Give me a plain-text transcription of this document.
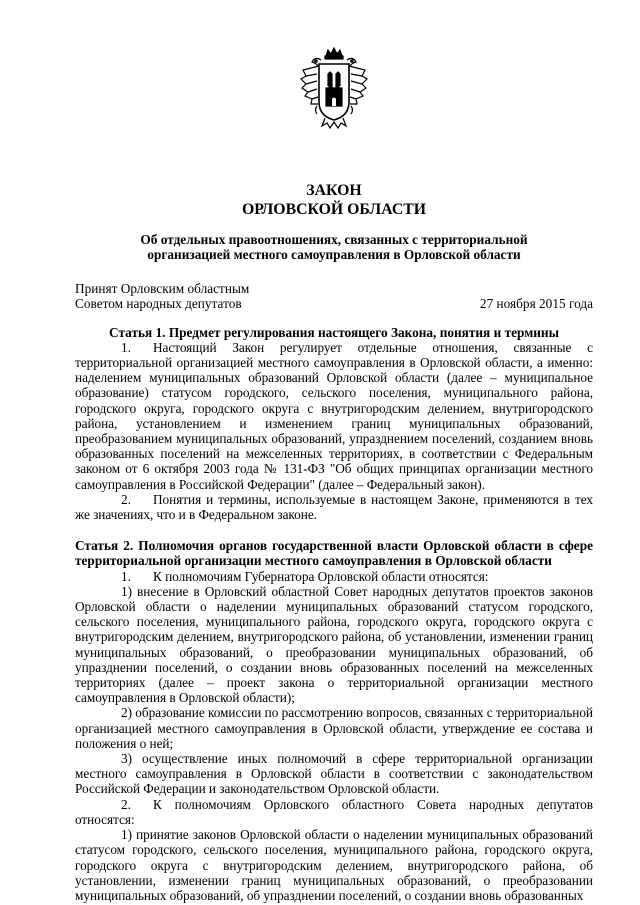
ЗАКОН
ОРЛОВСКОЙ ОБЛАСТИ
Об отдельных правоотношениях, связанных с территориальной организацией местного самоуправления в Орловской области
Принят Орловским областным
Советом народных депутатов	27 ноября 2015 года
Статья 1. Предмет регулирования настоящего Закона, понятия и термины

1. Настоящий Закон регулирует отдельные отношения, связанные с территориальной организацией местного самоуправления в Орловской области, а именно: наделением муниципальных образований Орловской области (далее – муниципальное образование) статусом городского, сельского поселения, муниципального района, городского округа, городского округа с внутригородским делением, внутригородского района, установлением и изменением границ муниципальных образований, преобразованием муниципальных образований, упразднением поселений, созданием вновь образованных поселений на межселенных территориях, в соответствии с Федеральным законом от 6 октября 2003 года № 131-ФЗ "Об общих принципах организации местного самоуправления в Российской Федерации" (далее – Федеральный закон).

2. Понятия и термины, используемые в настоящем Законе, применяются в тех же значениях, что и в Федеральном законе.

Статья 2. Полномочия органов государственной власти Орловской области в сфере территориальной организации местного самоуправления в Орловской области

1. К полномочиям Губернатора Орловской области относятся:

1) внесение в Орловский областной Совет народных депутатов проектов законов Орловской области о наделении муниципальных образований статусом городского, сельского поселения, муниципального района, городского округа, городского округа с внутригородским делением, внутригородского района, об установлении, изменении границ муниципальных образований, о преобразовании муниципальных образований, об упразднении поселений, о создании вновь образованных поселений на межселенных территориях (далее – проект закона о территориальной организации местного самоуправления в Орловской области);

2) образование комиссии по рассмотрению вопросов, связанных с территориальной организацией местного самоуправления в Орловской области, утверждение ее состава и положения о ней;

3) осуществление иных полномочий в сфере территориальной организации местного самоуправления в Орловской области в соответствии с законодательством Российской Федерации и законодательством Орловской области.

2. К полномочиям Орловского областного Совета народных депутатов относятся:

1) принятие законов Орловской области о наделении муниципальных образований статусом городского, сельского поселения, муниципального района, городского округа, городского округа с внутригородским делением, внутригородского района, об установлении, изменении границ муниципальных образований, о преобразовании муниципальных образований, об упразднении поселений, о создании вновь образованных
